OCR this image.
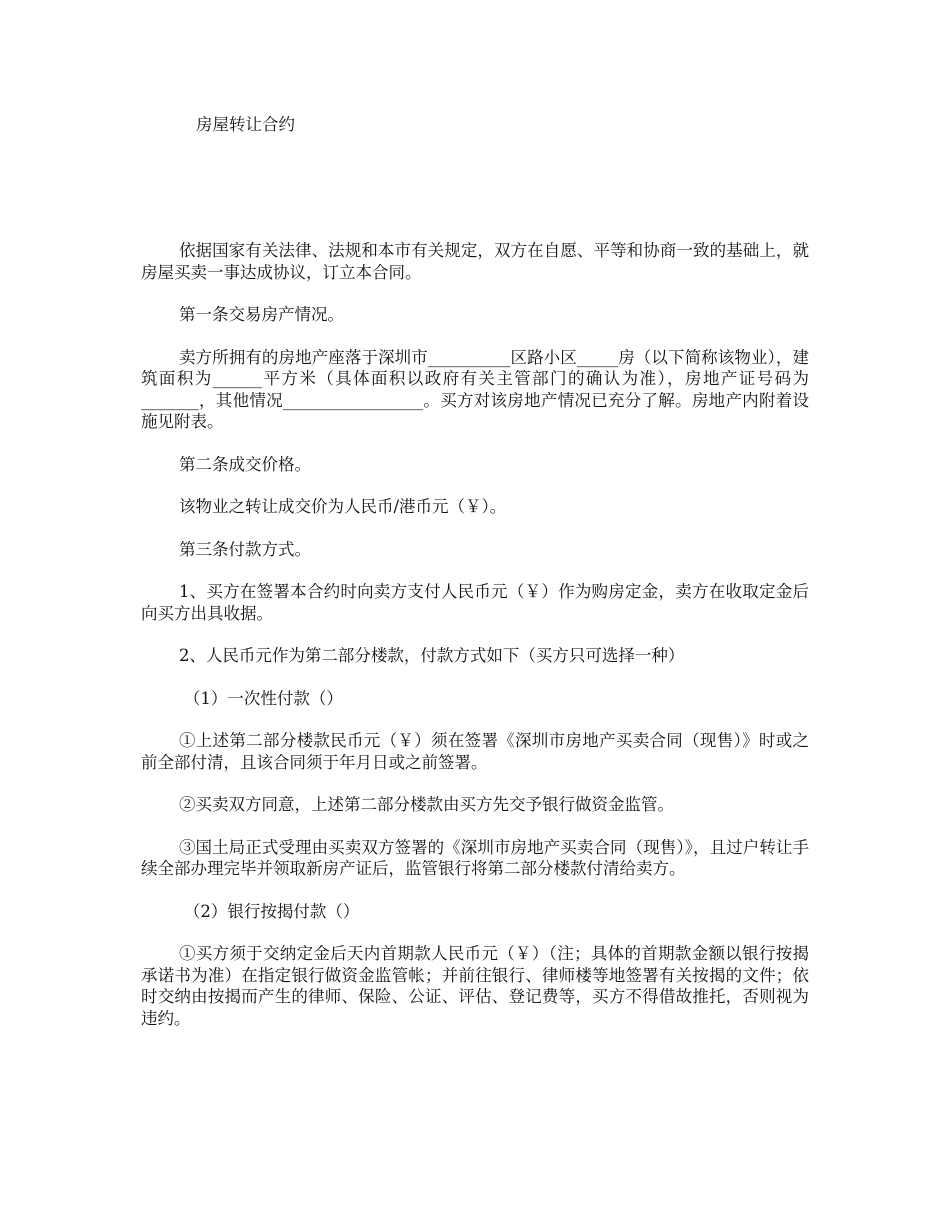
房屋转让合约

依据国家有关法律、法规和本市有关规定，双方在自愿、平等和协商一致的基础上，就房屋买卖一事达成协议，订立本合同。

第一条交易房产情况。

卖方所拥有的房地产座落于深圳市__________区路小区_____房（以下简称该物业），建筑面积为______平方米（具体面积以政府有关主管部门的确认为准），房地产证号码为_______，其他情况_________________。买方对该房地产情况已充分了解。房地产内附着设施见附表。

第二条成交价格。

该物业之转让成交价为人民币/港币元（￥）。

第三条付款方式。

1、买方在签署本合约时向卖方支付人民币元（￥）作为购房定金，卖方在收取定金后向买方出具收据。

2、人民币元作为第二部分楼款，付款方式如下（买方只可选择一种）

（1）一次性付款（）

①上述第二部分楼款民币元（￥）须在签署《深圳市房地产买卖合同（现售）》时或之前全部付清，且该合同须于年月日或之前签署。

②买卖双方同意，上述第二部分楼款由买方先交予银行做资金监管。

③国土局正式受理由买卖双方签署的《深圳市房地产买卖合同（现售）》，且过户转让手续全部办理完毕并领取新房产证后，监管银行将第二部分楼款付清给卖方。

（2）银行按揭付款（）

①买方须于交纳定金后天内首期款人民币元（￥）（注；具体的首期款金额以银行按揭承诺书为准）在指定银行做资金监管帐；并前往银行、律师楼等地签署有关按揭的文件；依时交纳由按揭而产生的律师、保险、公证、评估、登记费等，买方不得借故推托，否则视为违约。
